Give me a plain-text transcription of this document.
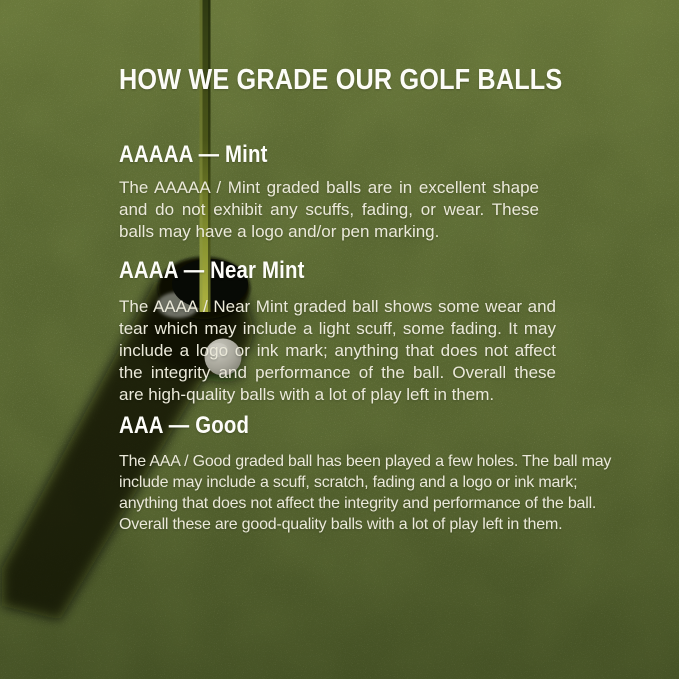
HOW WE GRADE OUR GOLF BALLS
AAAAA — Mint

The AAAAA / Mint graded balls are in excellent shape and do not exhibit any scuffs, fading, or wear. These balls may have a logo and/or pen marking.

AAAA — Near Mint

The AAAA / Near Mint graded ball shows some wear and tear which may include a light scuff, some fading. It may include a logo or ink mark; anything that does not affect the integrity and performance of the ball. Overall these are high-quality balls with a lot of play left in them.

AAA — Good

The AAA / Good graded ball has been played a few holes. The ball may include may include a scuff, scratch, fading and a logo or ink mark; anything that does not affect the integrity and performance of the ball. Overall these are good-quality balls with a lot of play left in them.
